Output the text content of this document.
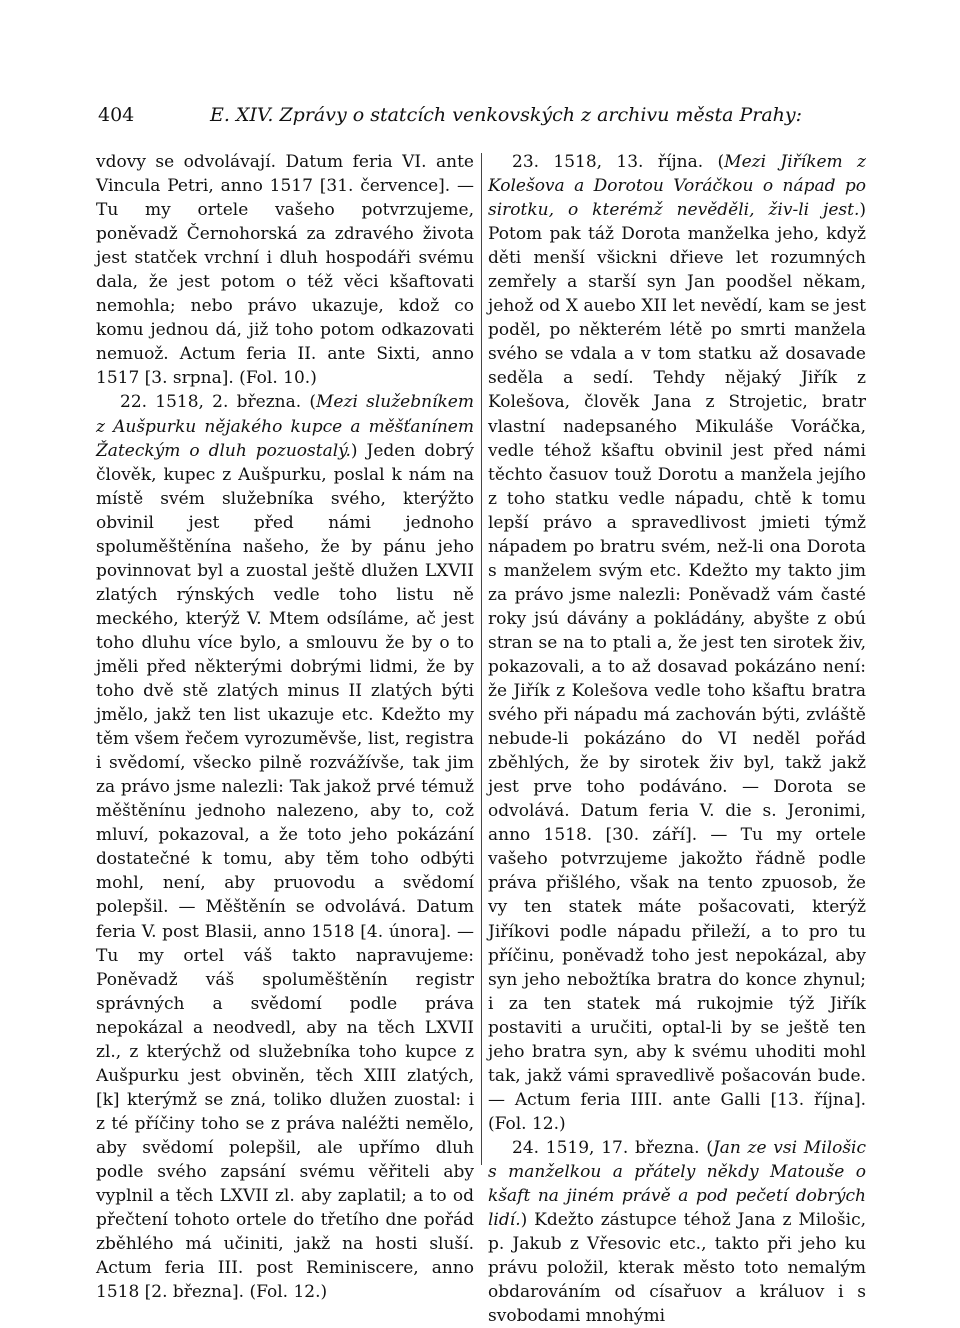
404	E. XIV. Zprávy o statcích venkovských z archivu města Prahy:

vdovy se odvolávají. Datum feria VI. ante Vincula Petri, anno 1517 [31. července]. — Tu my ortele vašeho potvrzujeme, poněvadž Černohorská za zdravého života jest statček vrchní i dluh hospodáři svému dala, že jest potom o též věci kšaftovati nemohla; nebo právo ukazuje, kdož co komu jednou dá, již toho potom odkazovati nemuož. Actum feria II. ante Sixti, anno 1517 [3. srpna]. (Fol. 10.)

22. 1518, 2. března. (Mezi služebníkem z Aušpurku nějakého kupce a měšťanínem Žateckým o dluh pozuostalý.) Jeden dobrý člověk, kupec z Aušpurku, poslal k nám na místě svém služebníka svého, kterýžto obvinil jest před námi jednoho spoluměštěnína našeho, že by pánu jeho povinnovat byl a zuostal ještě dlužen LXVII zlatých rýnských vedle toho listu ně meckého, kterýž V. Mtem odsíláme, ač jest toho dluhu více bylo, a smlouvu že by o to jměli před některými dobrými lidmi, že by toho dvě stě zlatých minus II zlatých býti jmělo, jakž ten list ukazuje etc. Kdežto my těm všem řečem vyrozuměvše, list, registra i svědomí, všecko pilně rozvážívše, tak jim za právo jsme nalezli: Tak jakož prvé témuž měštěnínu jednoho nalezeno, aby to, což mluví, pokazoval, a že toto jeho pokázání dostatečné k tomu, aby těm toho odbýti mohl, není, aby pruovodu a svědomí polepšil. — Měštěnín se odvolává. Datum feria V. post Blasii, anno 1518 [4. února]. — Tu my ortel váš takto napravujeme: Poněvadž váš spoluměštěnín registr správných a svědomí podle práva nepokázal a neodvedl, aby na těch LXVII zl., z kterýchž od služebníka toho kupce z Aušpurku jest obviněn, těch XIII zlatých, [k] kterýmž se zná, toliko dlužen zuostal: i z té příčiny toho se z práva naléžti nemělo, aby svědomí polepšil, ale upřímo dluh podle svého zapsání svému věřiteli aby vyplnil a těch LXVII zl. aby zaplatil; a to od přečtení tohoto ortele do třetího dne pořád zběhlého má učiniti, jakž na hosti sluší. Actum feria III. post Reminiscere, anno 1518 [2. března]. (Fol. 12.)

23. 1518, 13. října. (Mezi Jiříkem z Kolešova a Dorotou Voráčkou o nápad po sirotku, o kterémž nevěděli, živ-li jest.) Potom pak táž Dorota manželka jeho, když děti menší všickni dřieve let rozumných zemřely a starší syn Jan poodšel někam, jehož od X auebo XII let nevědí, kam se jest poděl, po některém létě po smrti manžela svého se vdala a v tom statku až dosavade seděla a sedí. Tehdy nějaký Jiřík z Kolešova, člověk Jana z Strojetic, bratr vlastní nadepsaného Mikuláše Voráčka, vedle téhož kšaftu obvinil jest před námi těchto časuov touž Dorotu a manžela jejího z toho statku vedle nápadu, chtě k tomu lepší právo a spravedlivost jmieti týmž nápadem po bratru svém, než-li ona Dorota s manželem svým etc. Kdežto my takto jim za právo jsme nalezli: Poněvadž vám časté roky jsú dávány a pokládány, abyšte z obú stran se na to ptali a, že jest ten sirotek živ, pokazovali, a to až dosavad pokázáno není: že Jiřík z Kolešova vedle toho kšaftu bratra svého při nápadu má zachován býti, zvláště nebude-li pokázáno do VI neděl pořád zběhlých, že by sirotek živ byl, takž jakž jest prve toho podáváno. — Dorota se odvolává. Datum feria V. die s. Jeronimi, anno 1518. [30. září]. — Tu my ortele vašeho potvrzujeme jakožto řádně podle práva přišlého, však na tento zpuosob, že vy ten statek máte pošacovati, kterýž Jiříkovi podle nápadu přileží, a to pro tu příčinu, poněvadž toho jest nepokázal, aby syn jeho nebožtíka bratra do konce zhynul; i za ten statek má rukojmie týž Jiřík postaviti a uručiti, optal-li by se ještě ten jeho bratra syn, aby k svému uhoditi mohl tak, jakž vámi spravedlivě pošacován bude. — Actum feria IIII. ante Galli [13. října]. (Fol. 12.)

24. 1519, 17. března. (Jan ze vsi Milošic s manželkou a přátely někdy Matouše o kšaft na jiném právě a pod pečetí dobrých lidí.) Kdežto zástupce téhož Jana z Milošic, p. Jakub z Vřesovic etc., takto při jeho ku právu položil, kterak město toto nemalým obdarováním od císařuov a králuov i s svobodami mnohými
